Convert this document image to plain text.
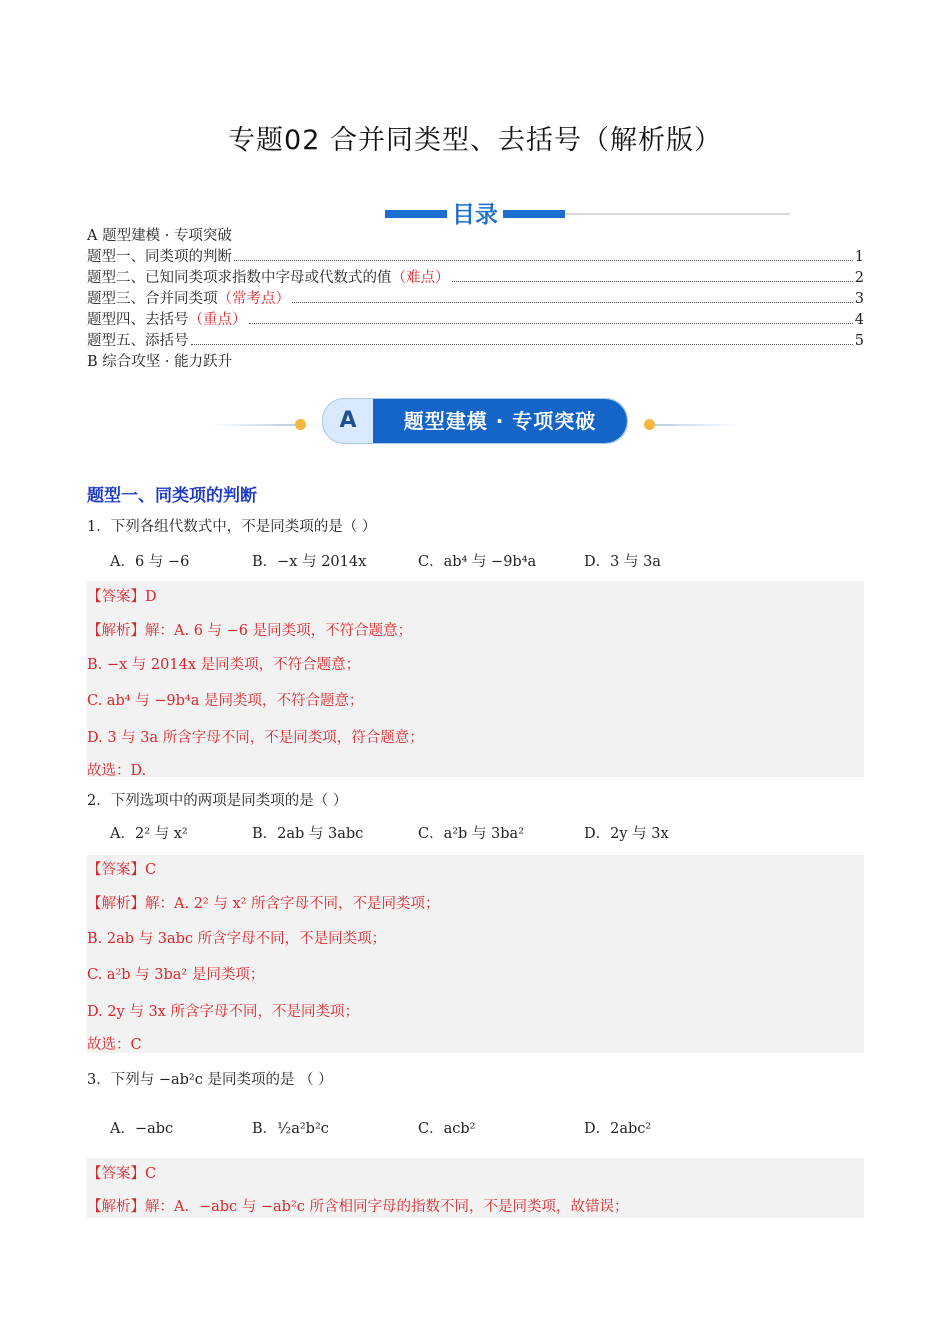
专题02 合并同类型、去括号（解析版）
目录
A 题型建模 · 专项突破
题型一、同类项的判断	1
题型二、已知同类项求指数中字母或代数式的值 （难点）	2
题型三、合并同类项 （常考点）	3
题型四、去括号 （重点）	4
题型五、添括号	5
B 综合攻坚 · 能力跃升
A	题型建模 · 专项突破
题型一、同类项的判断
1．下列各组代数式中，不是同类项的是（ ）
A．6 与 −6	B．−x 与 2014x	C．ab⁴ 与 −9b⁴a	D．3 与 3a
【答案】D
【解析】解：A. 6 与 −6 是同类项，不符合题意；
B. −x 与 2014x 是同类项，不符合题意；
C. ab⁴ 与 −9b⁴a 是同类项，不符合题意；
D. 3 与 3a 所含字母不同，不是同类项，符合题意；
故选：D.
2．下列选项中的两项是同类项的是（ ）
A．2² 与 x²	B．2ab 与 3abc	C．a²b 与 3ba²	D．2y 与 3x
【答案】C
【解析】解：A. 2² 与 x² 所含字母不同，不是同类项；
B. 2ab 与 3abc 所含字母不同，不是同类项；
C. a²b 与 3ba² 是同类项；
D. 2y 与 3x 所含字母不同，不是同类项；
故选：C
3．下列与 −ab²c 是同类项的是 （ ）
A．−abc	B．½a²b²c	C．acb²	D．2abc²
【答案】C
【解析】解：A．−abc 与 −ab²c 所含相同字母的指数不同，不是同类项，故错误；
